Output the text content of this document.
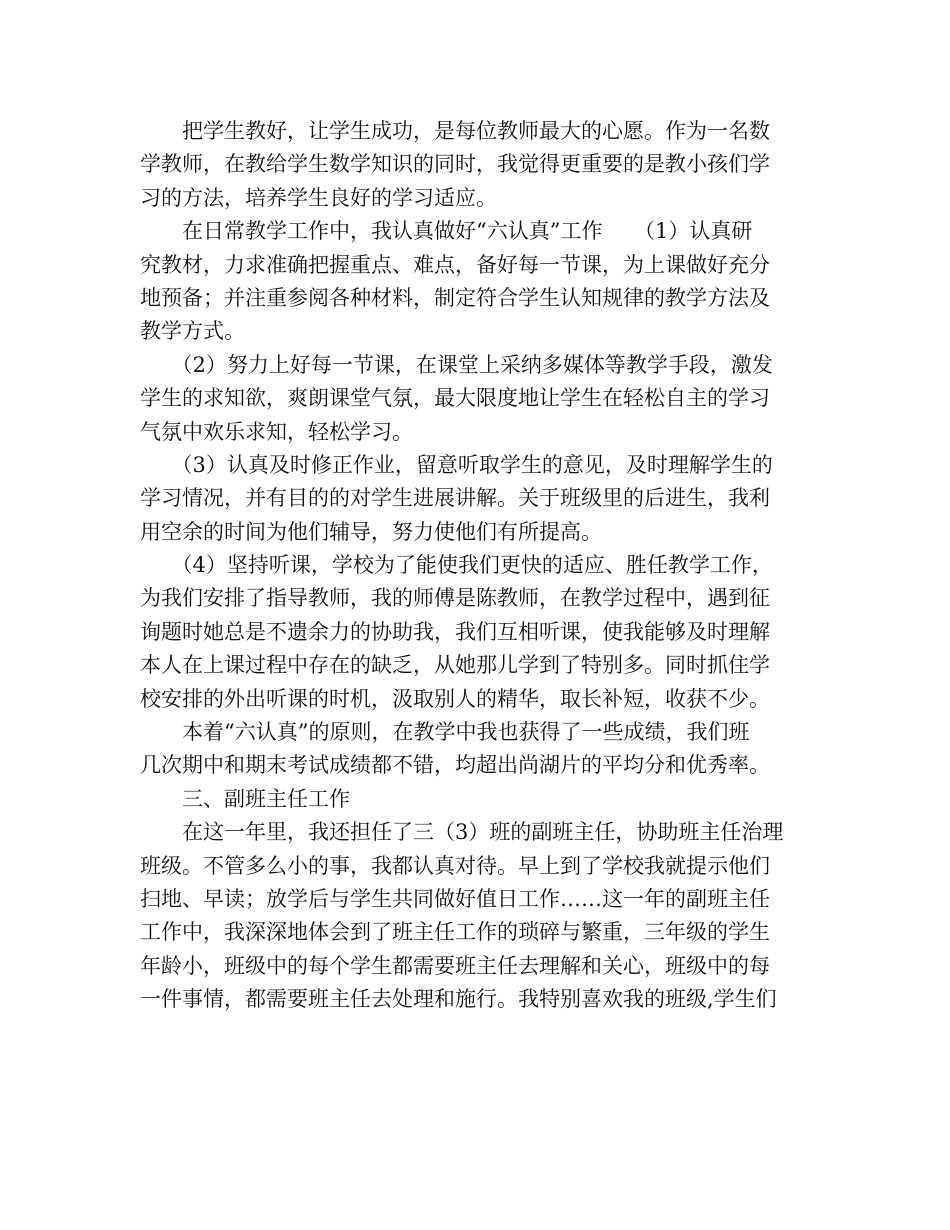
　　把学生教好，让学生成功，是每位教师最大的心愿。作为一名数
学教师，在教给学生数学知识的同时，我觉得更重要的是教小孩们学
习的方法，培养学生良好的学习适应。
　　在日常教学工作中，我认真做好“六认真”工作　　（1）认真研
究教材，力求准确把握重点、难点，备好每一节课，为上课做好充分
地预备；并注重参阅各种材料，制定符合学生认知规律的教学方法及
教学方式。
　　（2）努力上好每一节课，在课堂上采纳多媒体等教学手段，激发
学生的求知欲，爽朗课堂气氛，最大限度地让学生在轻松自主的学习
气氛中欢乐求知，轻松学习。
　　（3）认真及时修正作业，留意听取学生的意见，及时理解学生的
学习情况，并有目的的对学生进展讲解。关于班级里的后进生，我利
用空余的时间为他们辅导，努力使他们有所提高。
　　（4）坚持听课，学校为了能使我们更快的适应、胜任教学工作，
为我们安排了指导教师，我的师傅是陈教师，在教学过程中，遇到征
询题时她总是不遗余力的协助我，我们互相听课，使我能够及时理解
本人在上课过程中存在的缺乏，从她那儿学到了特别多。同时抓住学
校安排的外出听课的时机，汲取别人的精华，取长补短，收获不少。
　　本着“六认真”的原则，在教学中我也获得了一些成绩，我们班
几次期中和期末考试成绩都不错，均超出尚湖片的平均分和优秀率。
　　三、副班主任工作
　　在这一年里，我还担任了三（3）班的副班主任，协助班主任治理
班级。不管多么小的事，我都认真对待。早上到了学校我就提示他们
扫地、早读；放学后与学生共同做好值日工作……这一年的副班主任
工作中，我深深地体会到了班主任工作的琐碎与繁重，三年级的学生
年龄小，班级中的每个学生都需要班主任去理解和关心，班级中的每
一件事情，都需要班主任去处理和施行。我特别喜欢我的班级,学生们
